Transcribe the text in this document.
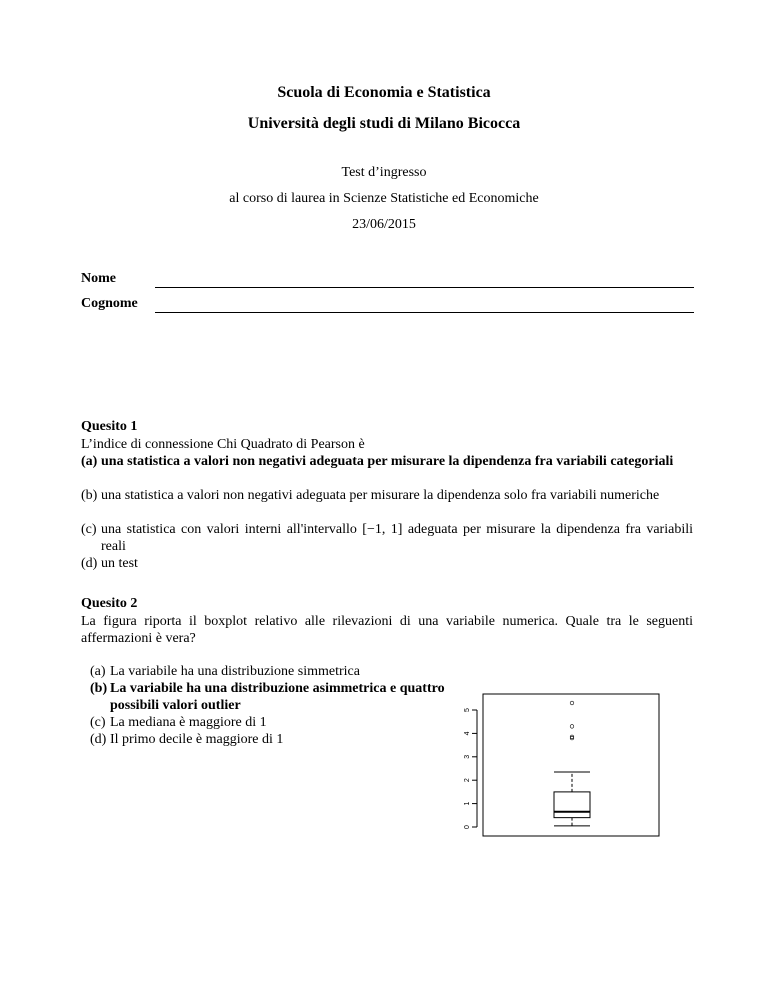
Scuola di Economia e Statistica
Università degli studi di Milano Bicocca
Test d’ingresso
al corso di laurea in Scienze Statistiche ed Economiche
23/06/2015
Nome
Cognome
Quesito 1
L’indice di connessione Chi Quadrato di Pearson è
(a) una statistica a valori non negativi adeguata per misurare la dipendenza fra variabili categoriali
(b) una statistica a valori non negativi adeguata per misurare la dipendenza solo fra variabili numeriche
(c) una statistica con valori interni all'intervallo [−1, 1] adeguata per misurare la dipendenza fra variabili reali
(d) un test
Quesito 2
La figura riporta il boxplot relativo alle rilevazioni di una variabile numerica. Quale tra le seguenti affermazioni è vera?
(a) La variabile ha una distribuzione simmetrica
(b) La variabile ha una distribuzione asimmetrica e quattro possibili valori outlier
(c) La mediana è maggiore di 1
(d) Il primo decile è maggiore di 1
0
1
2
3
4
5
